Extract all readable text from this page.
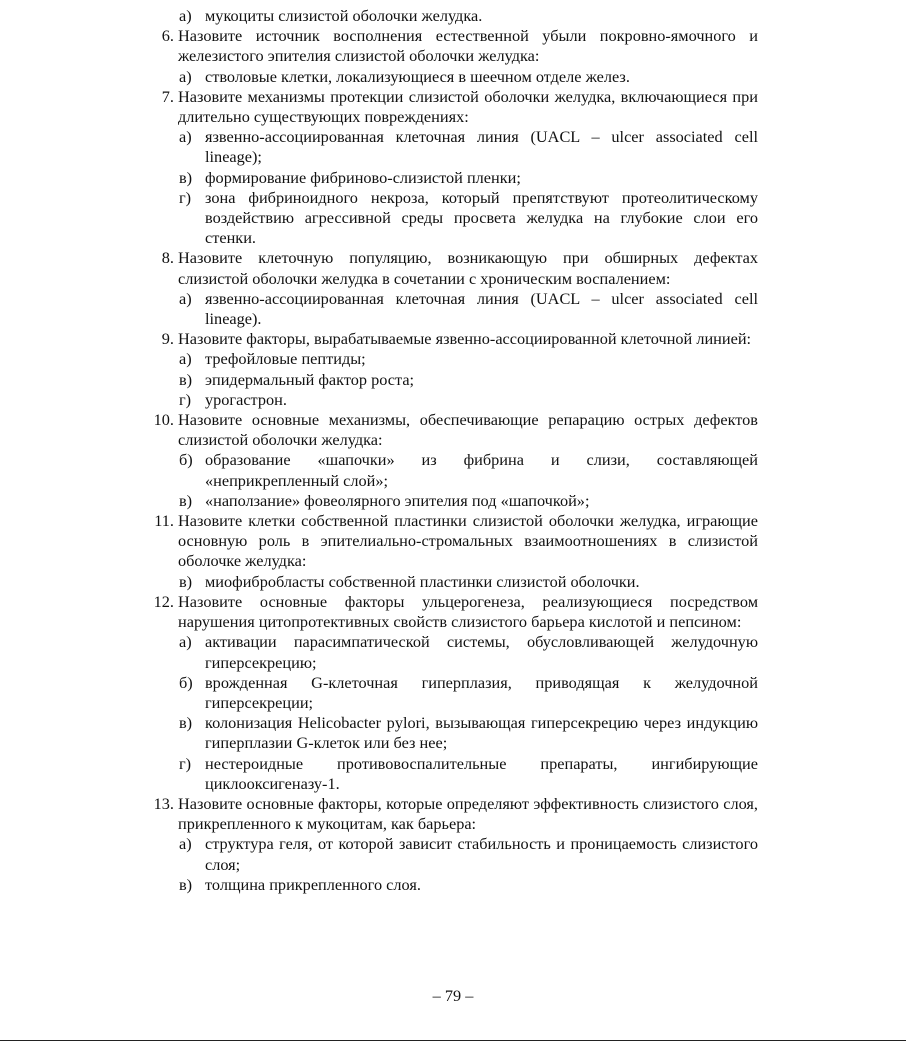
а) мукоциты слизистой оболочки желудка.
6. Назовите источник восполнения естественной убыли покровно-ямочного и железистого эпителия слизистой оболочки желудка:
а) стволовые клетки, локализующиеся в шеечном отделе желез.
7. Назовите механизмы протекции слизистой оболочки желудка, включающиеся при длительно существующих повреждениях:
а) язвенно-ассоциированная клеточная линия (UACL – ulcer associated cell lineage);
в) формирование фибриново-слизистой пленки;
г) зона фибриноидного некроза, который препятствуют протеолитическому воздействию агрессивной среды просвета желудка на глубокие слои его стенки.
8. Назовите клеточную популяцию, возникающую при обширных дефектах слизистой оболочки желудка в сочетании с хроническим воспалением:
а) язвенно-ассоциированная клеточная линия (UACL – ulcer associated cell lineage).
9. Назовите факторы, вырабатываемые язвенно-ассоциированной клеточной линией:
а) трефойловые пептиды;
в) эпидермальный фактор роста;
г) урогастрон.
10. Назовите основные механизмы, обеспечивающие репарацию острых дефектов слизистой оболочки желудка:
б) образование «шапочки» из фибрина и слизи, составляющей «неприкрепленный слой»;
в) «наползание» фовеолярного эпителия под «шапочкой»;
11. Назовите клетки собственной пластинки слизистой оболочки желудка, играющие основную роль в эпителиально-стромальных взаимоотношениях в слизистой оболочке желудка:
в) миофибробласты собственной пластинки слизистой оболочки.
12. Назовите основные факторы ульцерогенеза, реализующиеся посредством нарушения цитопротективных свойств слизистого барьера кислотой и пепсином:
а) активации парасимпатической системы, обусловливающей желудочную гиперсекрецию;
б) врожденная G-клеточная гиперплазия, приводящая к желудочной гиперсекреции;
в) колонизация Helicobacter pylori, вызывающая гиперсекрецию через индукцию гиперплазии G-клеток или без нее;
г) нестероидные противовоспалительные препараты, ингибирующие циклооксигеназу-1.
13. Назовите основные факторы, которые определяют эффективность слизистого слоя, прикрепленного к мукоцитам, как барьера:
а) структура геля, от которой зависит стабильность и проницаемость слизистого слоя;
в) толщина прикрепленного слоя.
– 79 –
